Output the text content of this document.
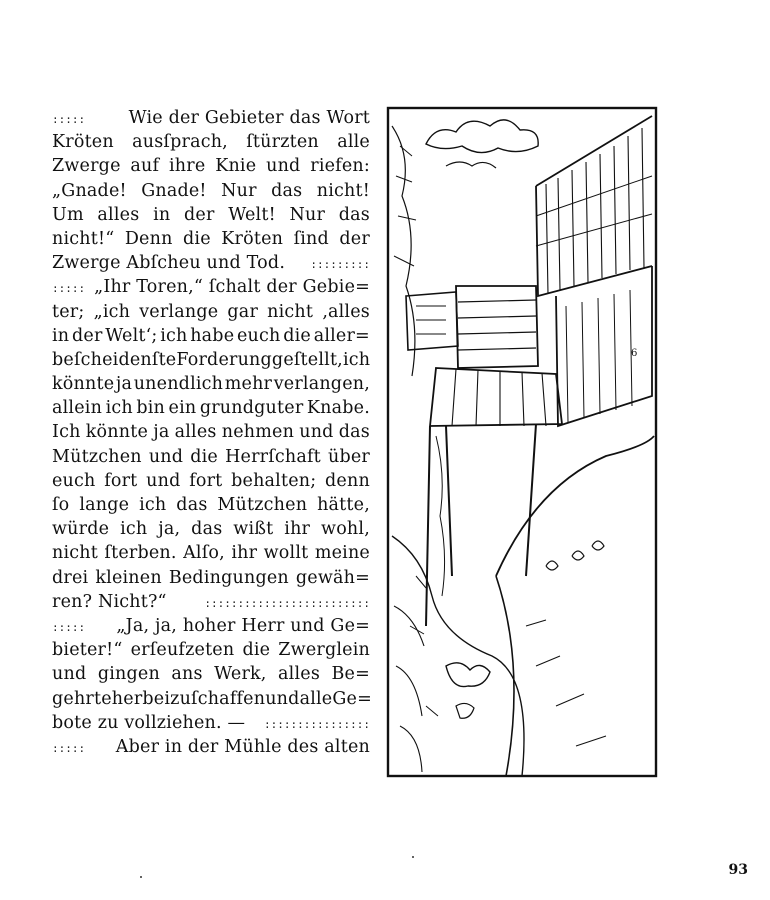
::::: Wie der Gebieter das Wort
Kröten ausſprach, ſtürzten alle
Zwerge auf ihre Knie und riefen:
„Gnade! Gnade! Nur das nicht!
Um alles in der Welt! Nur das
nicht!“ Denn die Kröten ſind der
Zwerge Abſcheu und Tod. :::::::::
::::: „Ihr Toren,“ ſchalt der Gebie=
ter; „ich verlange gar nicht ‚alles
in der Welt‘; ich habe euch die aller=
beſcheidenſte Forderung geſtellt, ich
könnte ja unendlich mehr verlangen,
allein ich bin ein grundguter Knabe.
Ich könnte ja alles nehmen und das
Mützchen und die Herrſchaft über
euch fort und fort behalten; denn
ſo lange ich das Mützchen hätte,
würde ich ja, das wißt ihr wohl,
nicht ſterben. Alſo, ihr wollt meine
drei kleinen Bedingungen gewäh=
ren? Nicht?“	:::::::::::::::::::::::::
::::: „Ja, ja, hoher Herr und Ge=
bieter!“ erſeufzeten die Zwerglein
und gingen ans Werk, alles Be=
gehrte herbeizuſchaffen und alle Ge=
bote zu vollziehen. — ::::::::::::::::
::::: Aber in der Mühle des alten
6
93
